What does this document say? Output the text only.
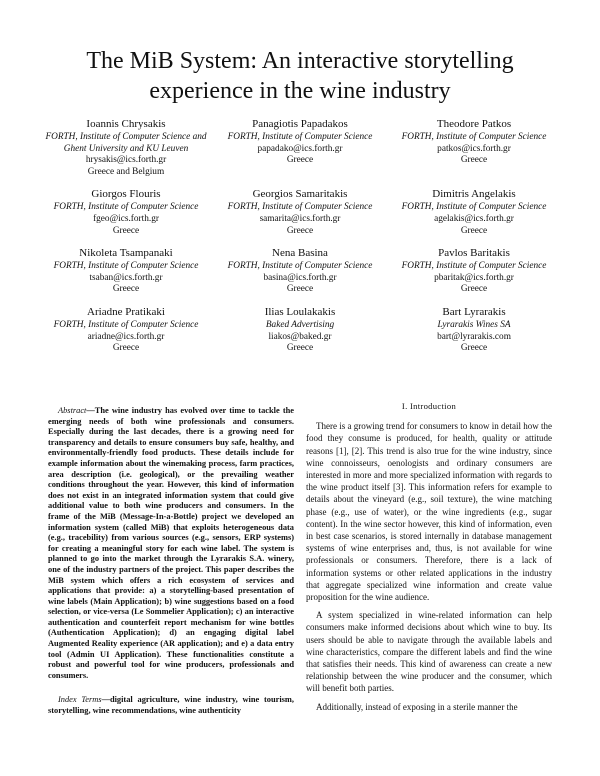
The MiB System: An interactive storytelling experience in the wine industry
Ioannis Chrysakis
FORTH, Institute of Computer Science and Ghent University and KU Leuven
hrysakis@ics.forth.gr
Greece and Belgium
Panagiotis Papadakos
FORTH, Institute of Computer Science
papadako@ics.forth.gr
Greece
Theodore Patkos
FORTH, Institute of Computer Science
patkos@ics.forth.gr
Greece
Giorgos Flouris
FORTH, Institute of Computer Science
fgeo@ics.forth.gr
Greece
Georgios Samaritakis
FORTH, Institute of Computer Science
samarita@ics.forth.gr
Greece
Dimitris Angelakis
FORTH, Institute of Computer Science
agelakis@ics.forth.gr
Greece
Nikoleta Tsampanaki
FORTH, Institute of Computer Science
tsaban@ics.forth.gr
Greece
Nena Basina
FORTH, Institute of Computer Science
basina@ics.forth.gr
Greece
Pavlos Baritakis
FORTH, Institute of Computer Science
pbaritak@ics.forth.gr
Greece
Ariadne Pratikaki
FORTH, Institute of Computer Science
ariadne@ics.forth.gr
Greece
Ilias Loulakakis
Baked Advertising
liakos@baked.gr
Greece
Bart Lyrarakis
Lyrarakis Wines SA
bart@lyrarakis.com
Greece

Abstract—The wine industry has evolved over time to tackle the emerging needs of both wine professionals and consumers. Especially during the last decades, there is a growing need for transparency and details to ensure consumers buy safe, healthy, and environmentally-friendly food products. These details include for example information about the winemaking process, farm practices, area description (i.e. geological), or the prevailing weather conditions throughout the year. However, this kind of information does not exist in an integrated information system that could give additional value to both wine producers and consumers. In the frame of the MiB (Message-In-a-Bottle) project we developed an information system (called MiB) that exploits heterogeneous data (e.g., tracebility) from various sources (e.g., sensors, ERP systems) for creating a meaningful story for each wine label. The system is planned to go into the market through the Lyrarakis S.A. winery, one of the industry partners of the project. This paper describes the MiB system which offers a rich ecosystem of services and applications that provide: a) a storytelling-based presentation of wine labels (Main Application); b) wine suggestions based on a food selection, or vice-versa (Le Sommelier Application); c) an interactive authentication and counterfeit report mechanism for wine bottles (Authentication Application); d) an engaging digital label Augmented Reality experience (AR application); and e) a data entry tool (Admin UI Application). These functionalities constitute a robust and powerful tool for wine producers, professionals and consumers.

Index Terms—digital agriculture, wine industry, wine tourism, storytelling, wine recommendations, wine authenticity

I. Introduction

There is a growing trend for consumers to know in detail how the food they consume is produced, for health, quality or attitude reasons [1], [2]. This trend is also true for the wine industry, since wine connoisseurs, oenologists and ordinary consumers are interested in more and more specialized information with regards to the wine product itself [3]. This information refers for example to details about the vineyard (e.g., soil texture), the wine matching phase (e.g., use of water), or the wine ingredients (e.g., sugar content). In the wine sector however, this kind of information, even in best case scenarios, is stored internally in database management systems of wine enterprises and, thus, is not available for wine professionals or consumers. Therefore, there is a lack of information systems or other related applications in the industry that aggregate specialized wine information and create value proposition for the wine audience.

A system specialized in wine-related information can help consumers make informed decisions about which wine to buy. Its users should be able to navigate through the available labels and wine characteristics, compare the different labels and find the wine that satisfies their needs. This kind of awareness can create a new relationship between the wine producer and the consumer, which will benefit both parties.

Additionally, instead of exposing in a sterile manner the
